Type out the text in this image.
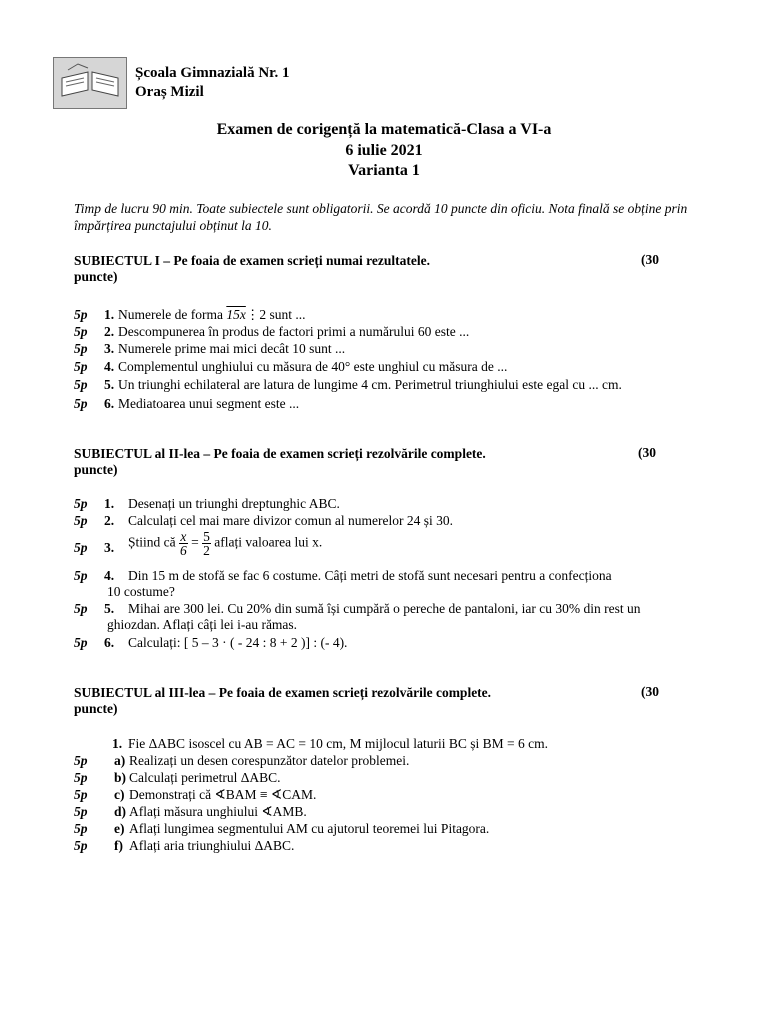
Școala Gimnazială Nr. 1
Oraș Mizil
Examen de corigență la matematică-Clasa a VI-a
6 iulie 2021
Varianta 1
Timp de lucru 90 min. Toate subiectele sunt obligatorii. Se acordă 10 puncte din oficiu. Nota finală se obține prin împărțirea punctajului obținut la 10.
SUBIECTUL I – Pe foaia de examen scrieți numai rezultatele.	(30
puncte)
5p 1. Numerele de forma 15x⋮2 sunt ...
5p 2. Descompunerea în produs de factori primi a numărului 60 este ...
5p 3. Numerele prime mai mici decât 10 sunt ...
5p 4. Complementul unghiului cu măsura de 40° este unghiul cu măsura de ...
5p 5. Un triunghi echilateral are latura de lungime 4 cm. Perimetrul triunghiului este egal cu ... cm.
5p 6. Mediatoarea unui segment este ...
SUBIECTUL al II-lea – Pe foaia de examen scrieți rezolvările complete.	(30
puncte)
5p 1. Desenați un triunghi dreptunghic ABC.
5p 2. Calculați cel mai mare divizor comun al numerelor 24 și 30.
5p 3. Știind că $\frac{x}{6} = \frac{5}{2}$ aflați valoarea lui x.
5p 4. Din 15 m de stofă se fac 6 costume. Câți metri de stofă sunt necesari pentru a confecționa
10 costume?
5p 5. Mihai are 300 lei. Cu 20% din sumă își cumpără o pereche de pantaloni, iar cu 30% din rest un
ghiozdan. Aflați câți lei i-au rămas.
5p 6. Calculați: [ 5 – 3 · ( - 24 : 8 + 2 )] : (- 4).
SUBIECTUL al III-lea – Pe foaia de examen scrieți rezolvările complete.	(30
puncte)
1. Fie ΔABC isoscel cu AB = AC = 10 cm, M mijlocul laturii BC și BM = 6 cm.
5p a) Realizați un desen corespunzător datelor problemei.
5p b) Calculați perimetrul ΔABC.
5p c) Demonstrați că ∢BAM ≡ ∢CAM.
5p d) Aflați măsura unghiului ∢AMB.
5p e) Aflați lungimea segmentului AM cu ajutorul teoremei lui Pitagora.
5p f) Aflați aria triunghiului ΔABC.
